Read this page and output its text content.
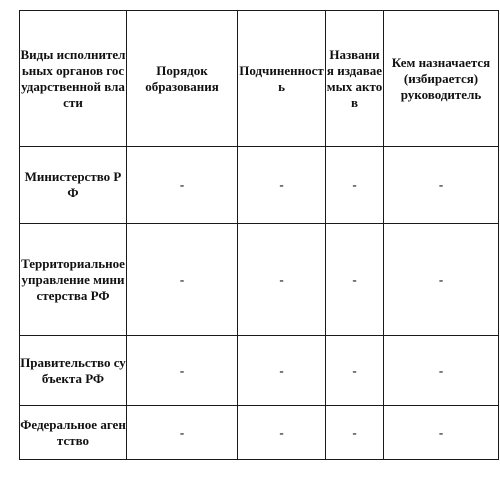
Виды исполнительных органов государственной власти	Порядок образования	Подчиненность	Названия издаваемых актов	Кем назначается (избирается) руководитель
Министерство РФ	-	-	-	-
Территориальное управление министерства РФ	-	-	-	-
Правительство субъекта РФ	-	-	-	-
Федеральное агентство	-	-	-	-
